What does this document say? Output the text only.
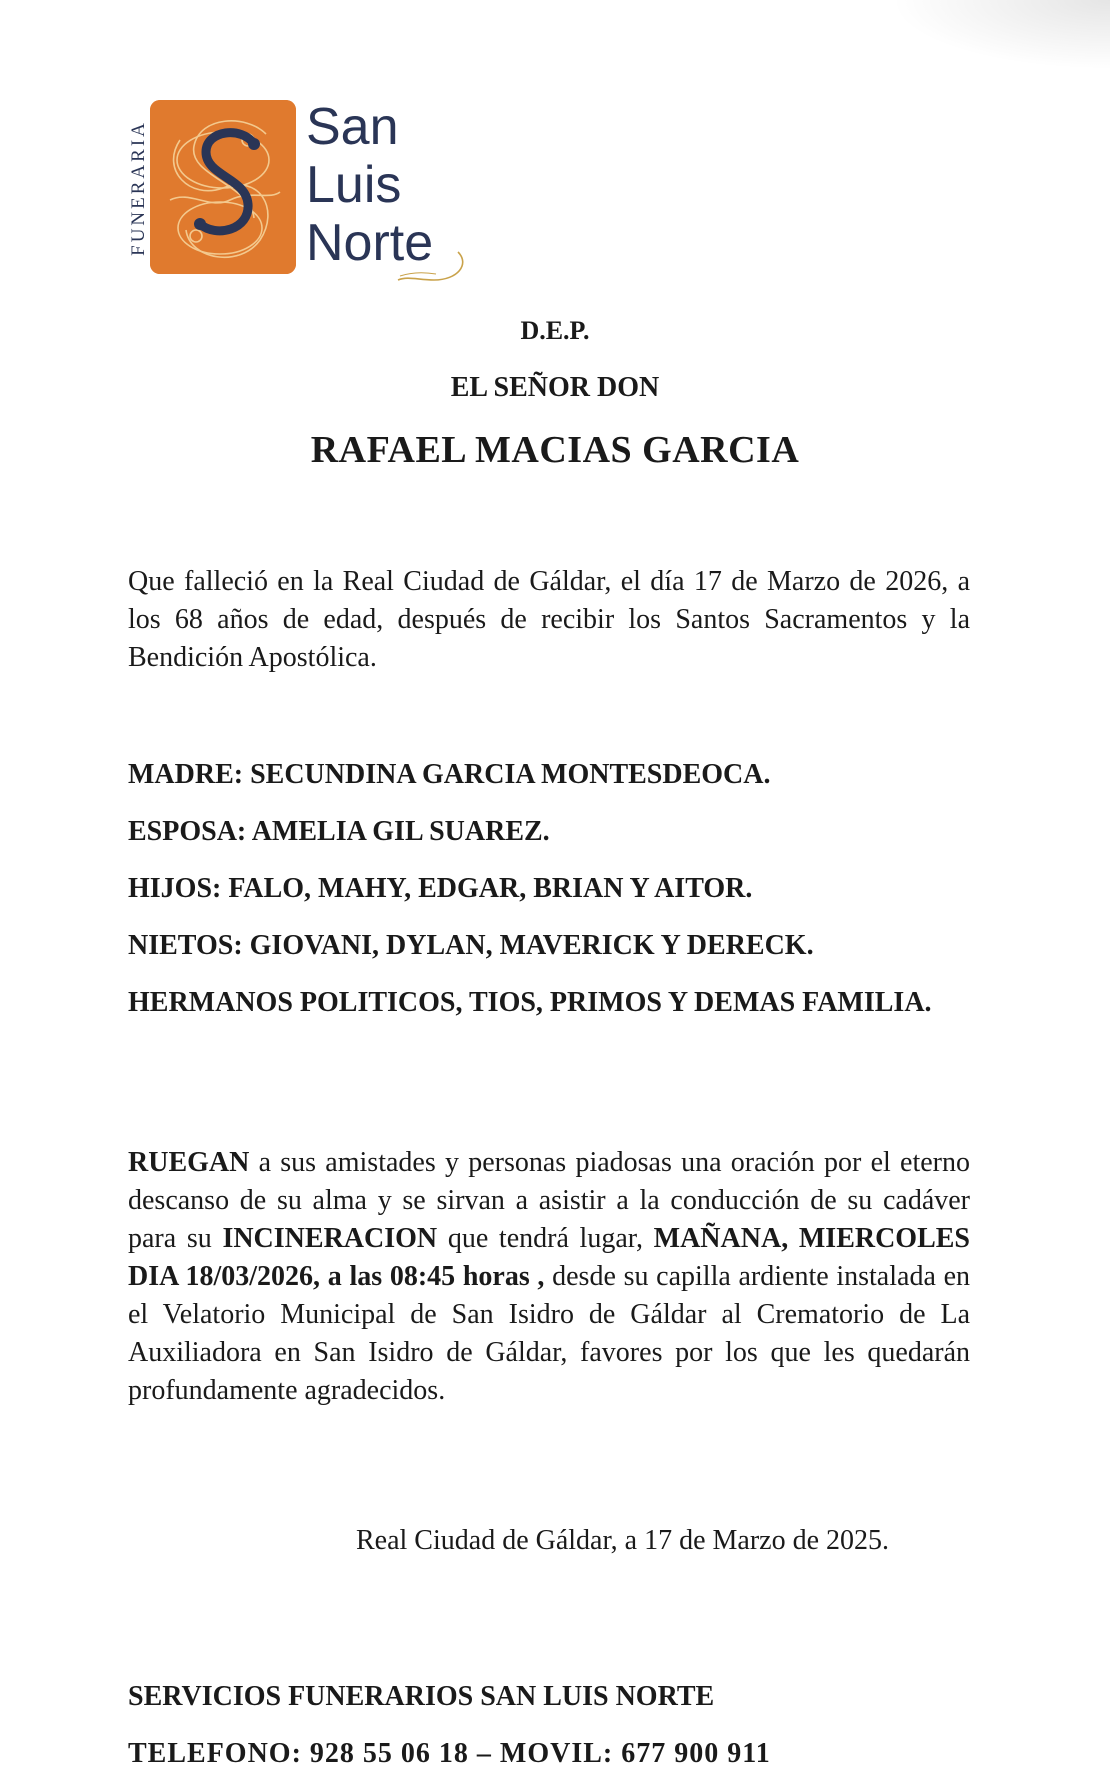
FUNERARIA	San
Luis
Norte
D.E.P.
EL SEÑOR DON
RAFAEL MACIAS GARCIA
Que falleció en la Real Ciudad de Gáldar, el día 17 de Marzo de 2026, a los 68 años de edad, después de recibir los Santos Sacramentos y la Bendición Apostólica.

MADRE: SECUNDINA GARCIA MONTESDEOCA.

ESPOSA: AMELIA GIL SUAREZ.

HIJOS: FALO, MAHY, EDGAR, BRIAN Y AITOR.

NIETOS: GIOVANI, DYLAN, MAVERICK Y DERECK.

HERMANOS POLITICOS, TIOS, PRIMOS Y DEMAS FAMILIA.

RUEGAN a sus amistades y personas piadosas una oración por el eterno descanso de su alma y se sirvan a asistir a la conducción de su cadáver para su INCINERACION que tendrá lugar, MAÑANA, MIERCOLES DIA 18/03/2026, a las 08:45 horas , desde su capilla ardiente instalada en el Velatorio Municipal de San Isidro de Gáldar al Crematorio de La Auxiliadora en San Isidro de Gáldar, favores por los que les quedarán profundamente agradecidos.
Real Ciudad de Gáldar, a 17 de Marzo de 2025.
SERVICIOS FUNERARIOS SAN LUIS NORTE
TELEFONO: 928 55 06 18 – MOVIL: 677 900 911
